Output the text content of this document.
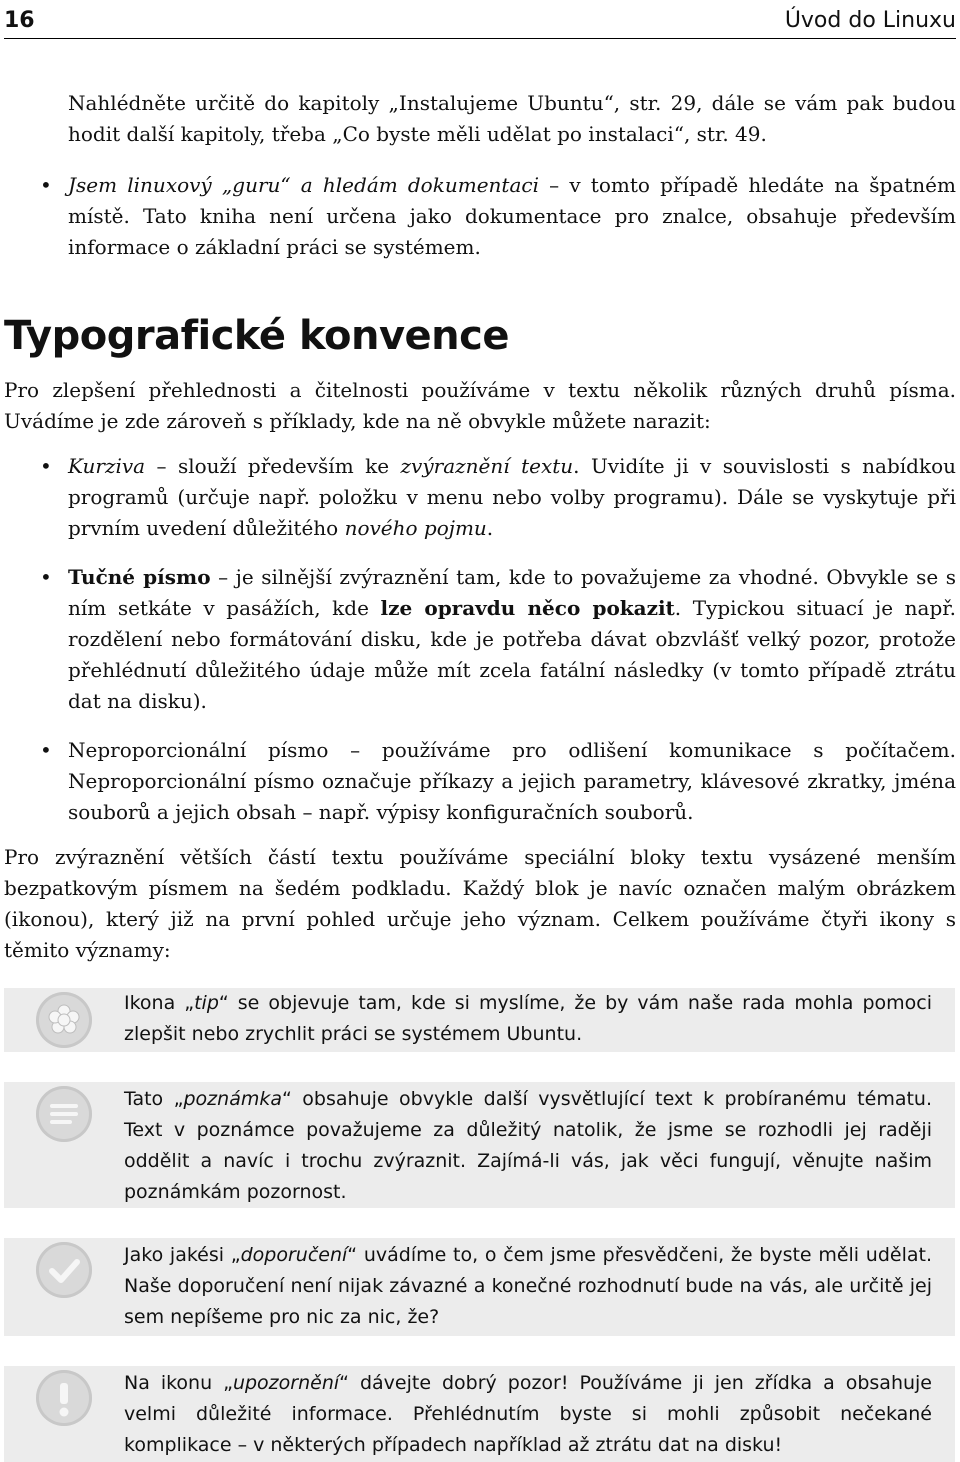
16	Úvod do Linuxu

Nahlédněte určitě do kapitoly „Instalujeme Ubuntu“, str. 29, dále se vám pak budou hodit další kapitoly, třeba „Co byste měli udělat po instalaci“, str. 49.

• Jsem linuxový „guru“ a hledám dokumentaci – v tomto případě hledáte na špatném místě. Tato kniha není určena jako dokumentace pro znalce, obsahuje především informace o základní práci se systémem.

Typografické konvence

Pro zlepšení přehlednosti a čitelnosti používáme v textu několik různých druhů písma. Uvádíme je zde zároveň s příklady, kde na ně obvykle můžete narazit:

• Kurziva – slouží především ke zvýraznění textu. Uvidíte ji v souvislosti s nabídkou programů (určuje např. položku v menu nebo volby programu). Dále se vyskytuje při prvním uvedení důležitého nového pojmu.

• Tučné písmo – je silnější zvýraznění tam, kde to považujeme za vhodné. Obvykle se s ním setkáte v pasážích, kde lze opravdu něco pokazit. Typickou situací je např. rozdělení nebo formátování disku, kde je potřeba dávat obzvlášť velký pozor, protože přehlédnutí důležitého údaje může mít zcela fatální následky (v tomto případě ztrátu dat na disku).

• Neproporcionální písmo – používáme pro odlišení komunikace s počítačem. Neproporcionální písmo označuje příkazy a jejich parametry, klávesové zkratky, jména souborů a jejich obsah – např. výpisy konfiguračních souborů.

Pro zvýraznění větších částí textu používáme speciální bloky textu vysázené menším bezpatkovým písmem na šedém podkladu. Každý blok je navíc označen malým obrázkem (ikonou), který již na první pohled určuje jeho význam. Celkem používáme čtyři ikony s těmito významy:

Ikona „tip“ se objevuje tam, kde si myslíme, že by vám naše rada mohla pomoci zlepšit nebo zrychlit práci se systémem Ubuntu.

Tato „poznámka“ obsahuje obvykle další vysvětlující text k probíranému tématu. Text v poznámce považujeme za důležitý natolik, že jsme se rozhodli jej raději oddělit a navíc i trochu zvýraznit. Zajímá-li vás, jak věci fungují, věnujte našim poznámkám pozornost.

Jako jakési „doporučení“ uvádíme to, o čem jsme přesvědčeni, že byste měli udělat. Naše doporučení není nijak závazné a konečné rozhodnutí bude na vás, ale určitě jej sem nepíšeme pro nic za nic, že?

Na ikonu „upozornění“ dávejte dobrý pozor! Používáme ji jen zřídka a obsahuje velmi důležité informace. Přehlédnutím byste si mohli způsobit nečekané komplikace – v některých případech například až ztrátu dat na disku!
